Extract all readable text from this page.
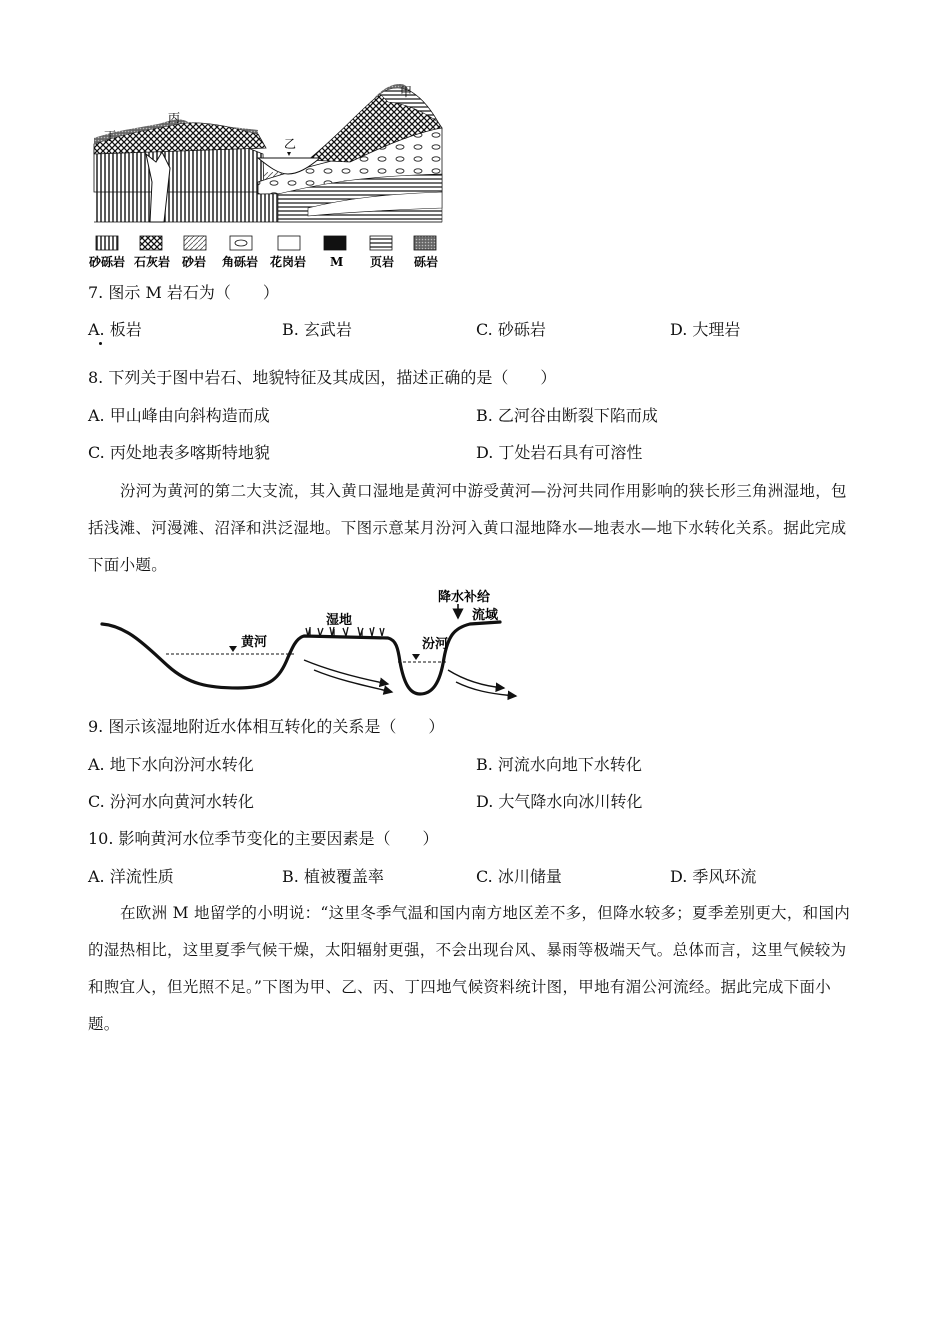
甲
乙
丙
丁
砂砾岩 石灰岩 砂岩 角砾岩 花岗岩 M 页岩 砾岩
7. 图示 M 岩石为（　　）
A. 板岩	B. 玄武岩	C. 砂砾岩	D. 大理岩
8. 下列关于图中岩石、地貌特征及其成因，描述正确的是（　　）
A. 甲山峰由向斜构造而成	B. 乙河谷由断裂下陷而成
C. 丙处地表多喀斯特地貌	D. 丁处岩石具有可溶性
汾河为黄河的第二大支流，其入黄口湿地是黄河中游受黄河—汾河共同作用影响的狭长形三角洲湿地，包括浅滩、河漫滩、沼泽和洪泛湿地。下图示意某月汾河入黄口湿地降水—地表水—地下水转化关系。据此完成下面小题。
黄河
湿地
汾河
降水补给
流域
9. 图示该湿地附近水体相互转化的关系是（　　）
A. 地下水向汾河水转化	B. 河流水向地下水转化
C. 汾河水向黄河水转化	D. 大气降水向冰川转化
10. 影响黄河水位季节变化的主要因素是（　　）
A. 洋流性质	B. 植被覆盖率	C. 冰川储量	D. 季风环流
在欧洲 M 地留学的小明说：“这里冬季气温和国内南方地区差不多，但降水较多；夏季差别更大，和国内的湿热相比，这里夏季气候干燥，太阳辐射更强，不会出现台风、暴雨等极端天气。总体而言，这里气候较为和煦宜人，但光照不足。”下图为甲、乙、丙、丁四地气候资料统计图，甲地有湄公河流经。据此完成下面小题。
